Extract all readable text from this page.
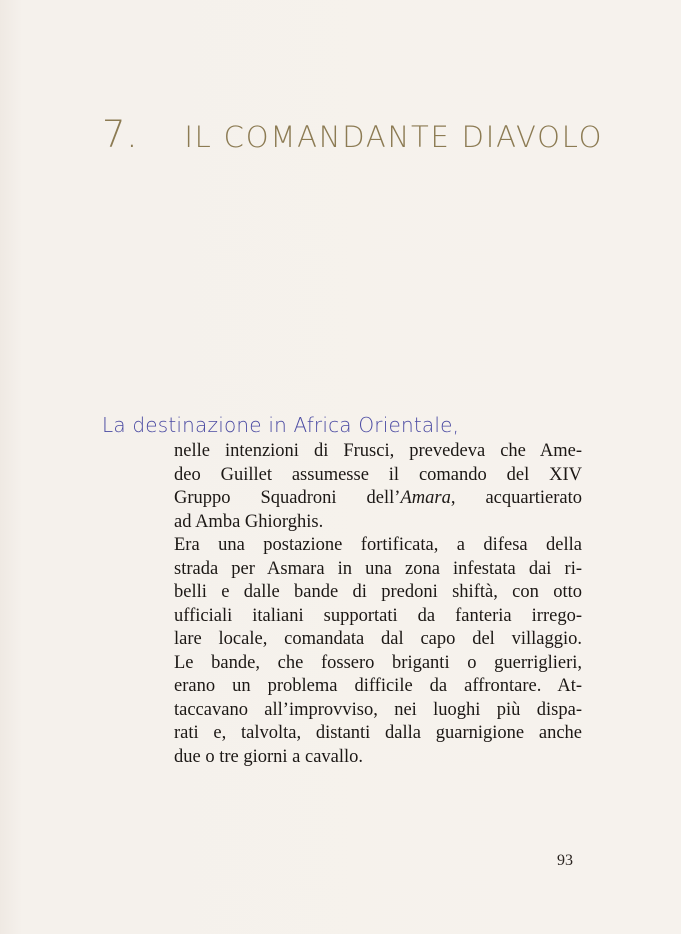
7. IL COMANDANTE DIAVOLO
La destinazione in Africa Orientale,
nelle intenzioni di Frusci, prevedeva che Ame-
deo Guillet assumesse il comando del XIV
Gruppo Squadroni dell’Amara, acquartierato
ad Amba Ghiorghis.
Era una postazione fortificata, a difesa della
strada per Asmara in una zona infestata dai ri-
belli e dalle bande di predoni shiftà, con otto
ufficiali italiani supportati da fanteria irrego-
lare locale, comandata dal capo del villaggio.
Le bande, che fossero briganti o guerriglieri,
erano un problema difficile da affrontare. At-
taccavano all’improvviso, nei luoghi più dispa-
rati e, talvolta, distanti dalla guarnigione anche
due o tre giorni a cavallo.
93
